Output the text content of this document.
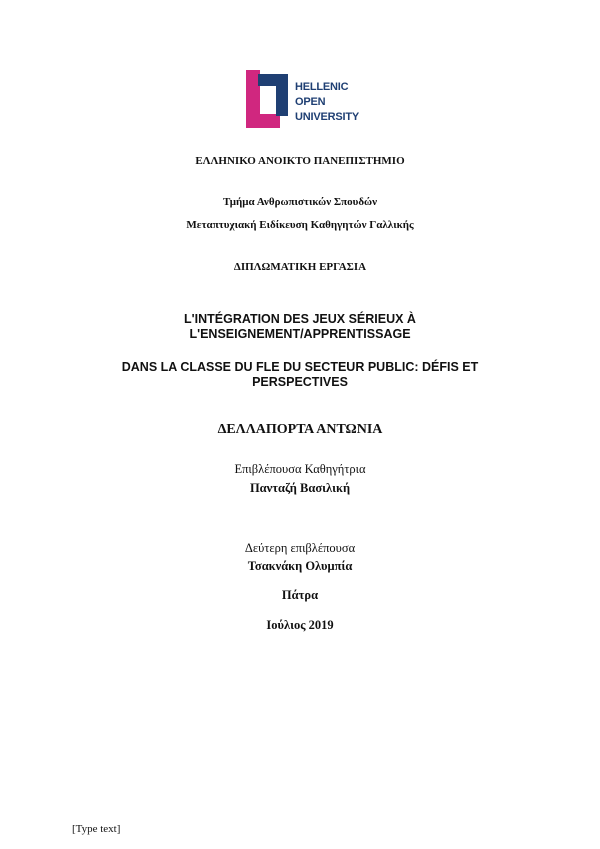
HELLENIC
OPEN
UNIVERSITY
ΕΛΛΗΝΙΚΟ ΑΝΟΙΚΤΟ ΠΑΝΕΠΙΣΤΗΜΙΟ
Τμήμα Ανθρωπιστικών Σπουδών
Μεταπτυχιακή Ειδίκευση Καθηγητών Γαλλικής
ΔΙΠΛΩΜΑΤΙΚΗ ΕΡΓΑΣΙΑ
L'INTÉGRATION DES JEUX SÉRIEUX À
L'ENSEIGNEMENT/APPRENTISSAGE
DANS LA CLASSE DU FLE DU SECTEUR PUBLIC: DÉFIS ET
PERSPECTIVES
ΔΕΛΛΑΠΟΡΤΑ ΑΝΤΩΝΙΑ
Επιβλέπουσα Καθηγήτρια
Πανταζή Βασιλική
Δεύτερη επιβλέπουσα
Τσακνάκη Ολυμπία
Πάτρα
Ιούλιος 2019
[Type text]
